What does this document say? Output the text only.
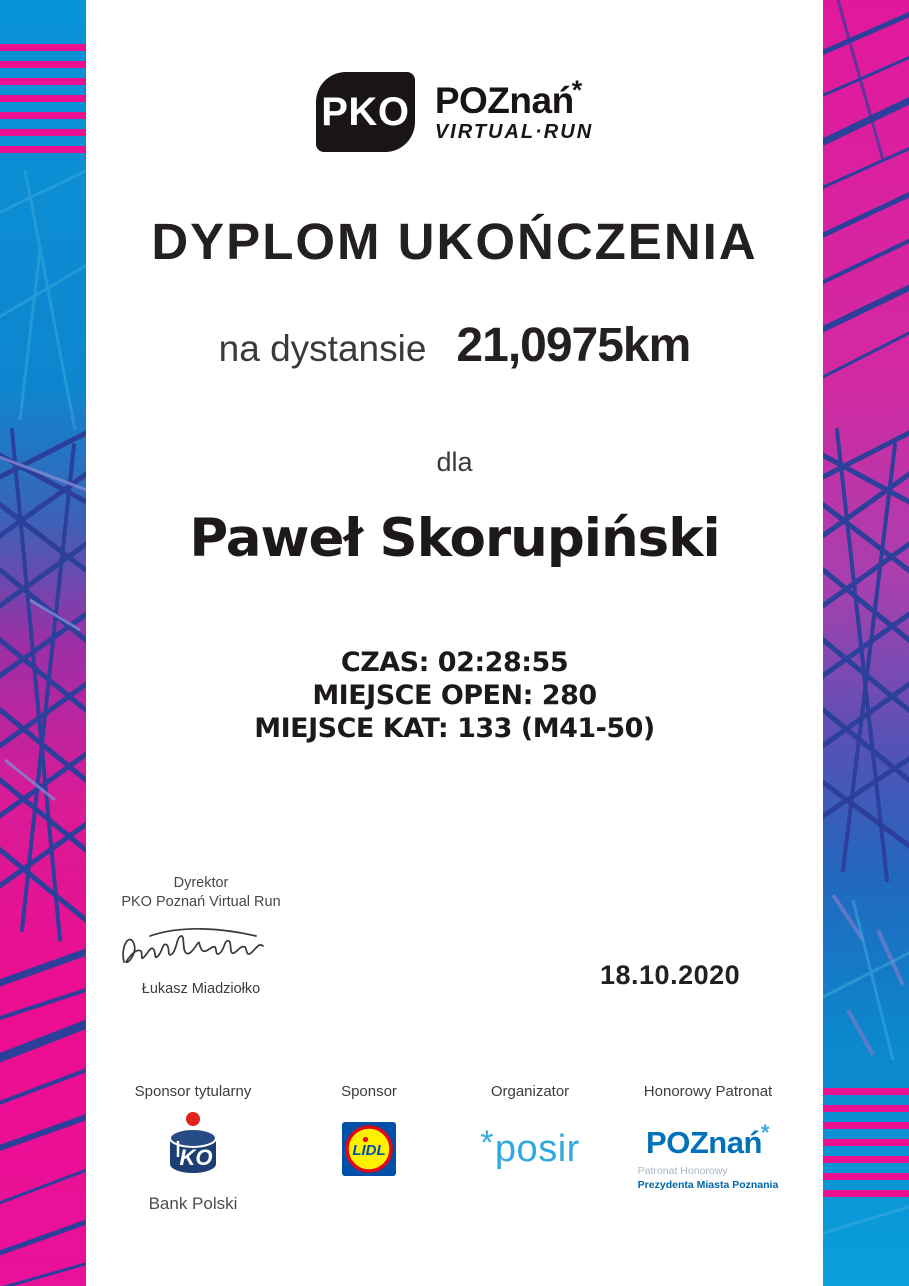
PKO POZnań*
VIRTUAL·RUN
DYPLOM UKOŃCZENIA
na dystansie 21,0975km
dla
Paweł Skorupiński
CZAS: 02:28:55
MIEJSCE OPEN: 280
MIEJSCE KAT: 133 (M41-50)
Dyrektor
PKO Poznań Virtual Run
Łukasz Miadziołko	18.10.2020
Sponsor tytularny
KO
Bank Polski
Sponsor
LIDL
Organizator
*posir
Honorowy Patronat
POZnań*
Patronat Honorowy
Prezydenta Miasta Poznania
